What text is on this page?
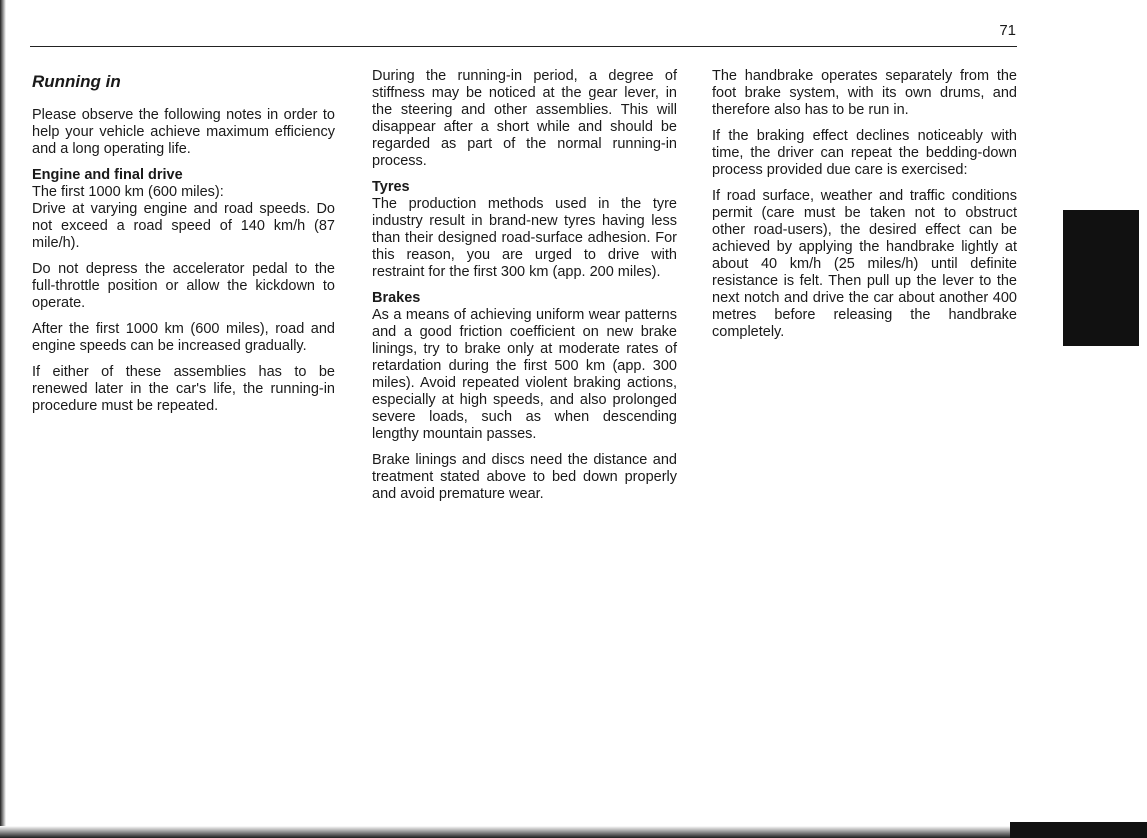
71
Running in

Please observe the following notes in order to help your vehicle achieve maximum efficiency and a long operating life.

Engine and final drive

The first 1000 km (600 miles):

Drive at varying engine and road speeds. Do not exceed a road speed of 140 km/h (87 mile/h).

Do not depress the accelerator pedal to the full-throttle position or allow the kickdown to operate.

After the first 1000 km (600 miles), road and engine speeds can be increased gradually.

If either of these assemblies has to be renewed later in the car's life, the running-in procedure must be repeated.

During the running-in period, a degree of stiffness may be noticed at the gear lever, in the steering and other assemblies. This will disappear after a short while and should be regarded as part of the normal running-in process.

Tyres

The production methods used in the tyre industry result in brand-new tyres having less than their designed road-surface adhesion. For this reason, you are urged to drive with restraint for the first 300 km (app. 200 miles).

Brakes

As a means of achieving uniform wear patterns and a good friction coefficient on new brake linings, try to brake only at moderate rates of retardation during the first 500 km (app. 300 miles). Avoid repeated violent braking actions, especially at high speeds, and also prolonged severe loads, such as when descending lengthy mountain passes.

Brake linings and discs need the distance and treatment stated above to bed down properly and avoid premature wear.

The handbrake operates separately from the foot brake system, with its own drums, and therefore also has to be run in.

If the braking effect declines noticeably with time, the driver can repeat the bedding-down process provided due care is exercised:

If road surface, weather and traffic conditions permit (care must be taken not to obstruct other road-users), the desired effect can be achieved by applying the handbrake lightly at about 40 km/h (25 miles/h) until definite resistance is felt. Then pull up the lever to the next notch and drive the car about another 400 metres before releasing the handbrake completely.
